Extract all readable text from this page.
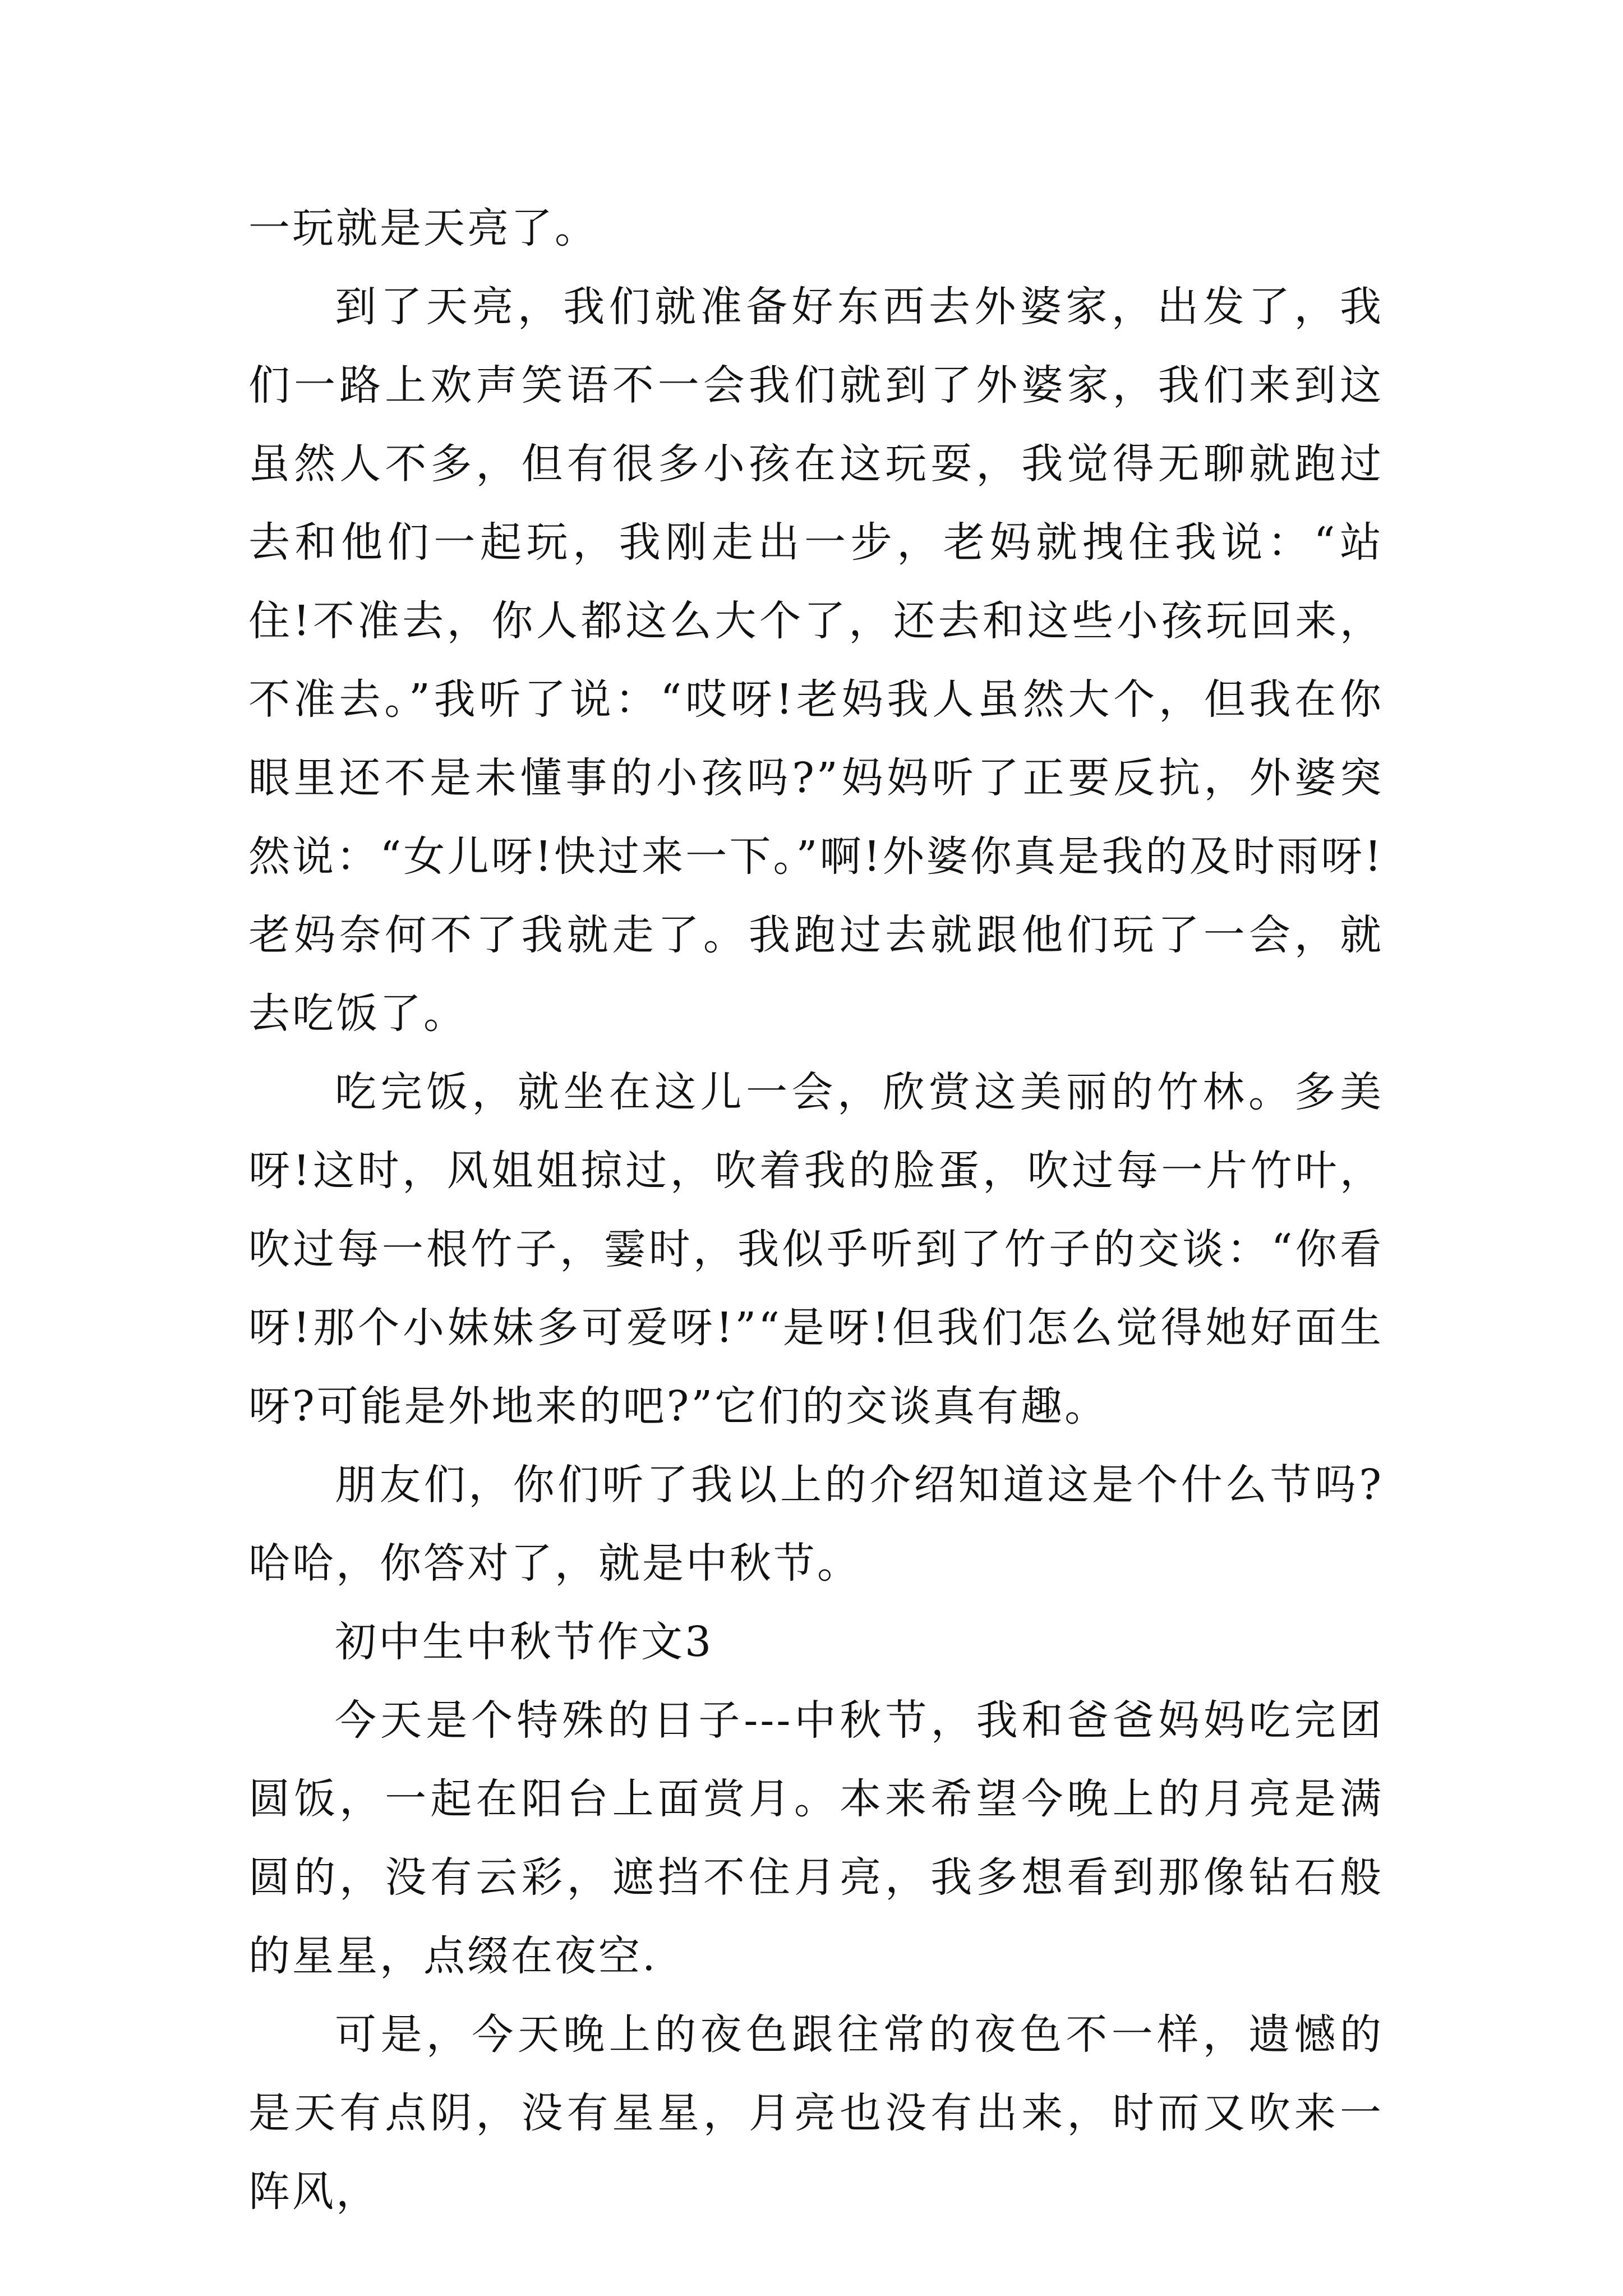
一玩就是天亮了。

到了天亮，我们就准备好东西去外婆家，出发了，我们一路上欢声笑语不一会我们就到了外婆家，我们来到这虽然人不多，但有很多小孩在这玩耍，我觉得无聊就跑过去和他们一起玩，我刚走出一步，老妈就拽住我说：“站住!不准去，你人都这么大个了，还去和这些小孩玩回来，不准去。”我听了说：“哎呀!老妈我人虽然大个，但我在你眼里还不是未懂事的小孩吗?”妈妈听了正要反抗，外婆突然说：“女儿呀!快过来一下。”啊!外婆你真是我的及时雨呀!老妈奈何不了我就走了。我跑过去就跟他们玩了一会，就去吃饭了。

吃完饭，就坐在这儿一会，欣赏这美丽的竹林。多美呀!这时，风姐姐掠过，吹着我的脸蛋，吹过每一片竹叶，吹过每一根竹子，霎时，我似乎听到了竹子的交谈：“你看呀!那个小妹妹多可爱呀!”“是呀!但我们怎么觉得她好面生呀?可能是外地来的吧?”它们的交谈真有趣。

朋友们，你们听了我以上的介绍知道这是个什么节吗?哈哈，你答对了，就是中秋节。

初中生中秋节作文3

今天是个特殊的日子---中秋节，我和爸爸妈妈吃完团圆饭，一起在阳台上面赏月。本来希望今晚上的月亮是满圆的，没有云彩，遮挡不住月亮，我多想看到那像钻石般的星星，点缀在夜空.

可是，今天晚上的夜色跟往常的夜色不一样，遗憾的是天有点阴，没有星星，月亮也没有出来，时而又吹来一阵风，
